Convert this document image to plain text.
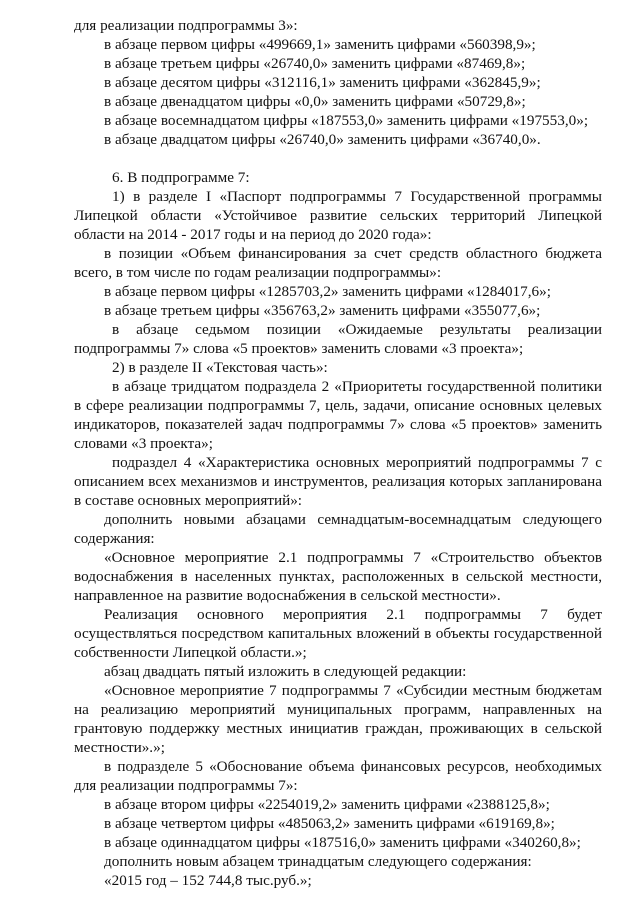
для реализации подпрограммы 3»:

в абзаце первом цифры «499669,1» заменить цифрами «560398,9»;

в абзаце третьем цифры «26740,0» заменить цифрами «87469,8»;

в абзаце десятом цифры «312116,1» заменить цифрами «362845,9»;

в абзаце двенадцатом цифры «0,0» заменить цифрами «50729,8»;

в абзаце восемнадцатом цифры «187553,0» заменить цифрами «197553,0»;

в абзаце двадцатом цифры «26740,0» заменить цифрами «36740,0».

6. В подпрограмме 7:

1) в разделе I «Паспорт подпрограммы 7 Государственной программы Липецкой области «Устойчивое развитие сельских территорий Липецкой области на 2014 - 2017 годы и на период до 2020 года»:

в позиции «Объем финансирования за счет средств областного бюджета всего, в том числе по годам реализации подпрограммы»:

в абзаце первом цифры «1285703,2» заменить цифрами «1284017,6»;

в абзаце третьем цифры «356763,2» заменить цифрами «355077,6»;

в абзаце седьмом позиции «Ожидаемые результаты реализации подпрограммы 7» слова «5 проектов» заменить словами «3 проекта»;

2) в разделе II «Текстовая часть»:

в абзаце тридцатом подраздела 2 «Приоритеты государственной политики в сфере реализации подпрограммы 7, цель, задачи, описание основных целевых индикаторов, показателей задач подпрограммы 7» слова «5 проектов» заменить словами «3 проекта»;

подраздел 4 «Характеристика основных мероприятий подпрограммы 7 с описанием всех механизмов и инструментов, реализация которых запланирована в составе основных мероприятий»:

дополнить новыми абзацами семнадцатым-восемнадцатым следующего содержания:

«Основное мероприятие 2.1 подпрограммы 7 «Строительство объектов водоснабжения в населенных пунктах, расположенных в сельской местности, направленное на развитие водоснабжения в сельской местности».

Реализация основного мероприятия 2.1 подпрограммы 7 будет осуществляться посредством капитальных вложений в объекты государственной собственности Липецкой области.»;

абзац двадцать пятый изложить в следующей редакции:

«Основное мероприятие 7 подпрограммы 7 «Субсидии местным бюджетам на реализацию мероприятий муниципальных программ, направленных на грантовую поддержку местных инициатив граждан, проживающих в сельской местности».»;

в подразделе 5 «Обоснование объема финансовых ресурсов, необходимых для реализации подпрограммы 7»:

в абзаце втором цифры «2254019,2» заменить цифрами «2388125,8»;

в абзаце четвертом цифры «485063,2» заменить цифрами «619169,8»;

в абзаце одиннадцатом цифры «187516,0» заменить цифрами «340260,8»;

дополнить новым абзацем тринадцатым следующего содержания:

«2015 год – 152 744,8 тыс.руб.»;
